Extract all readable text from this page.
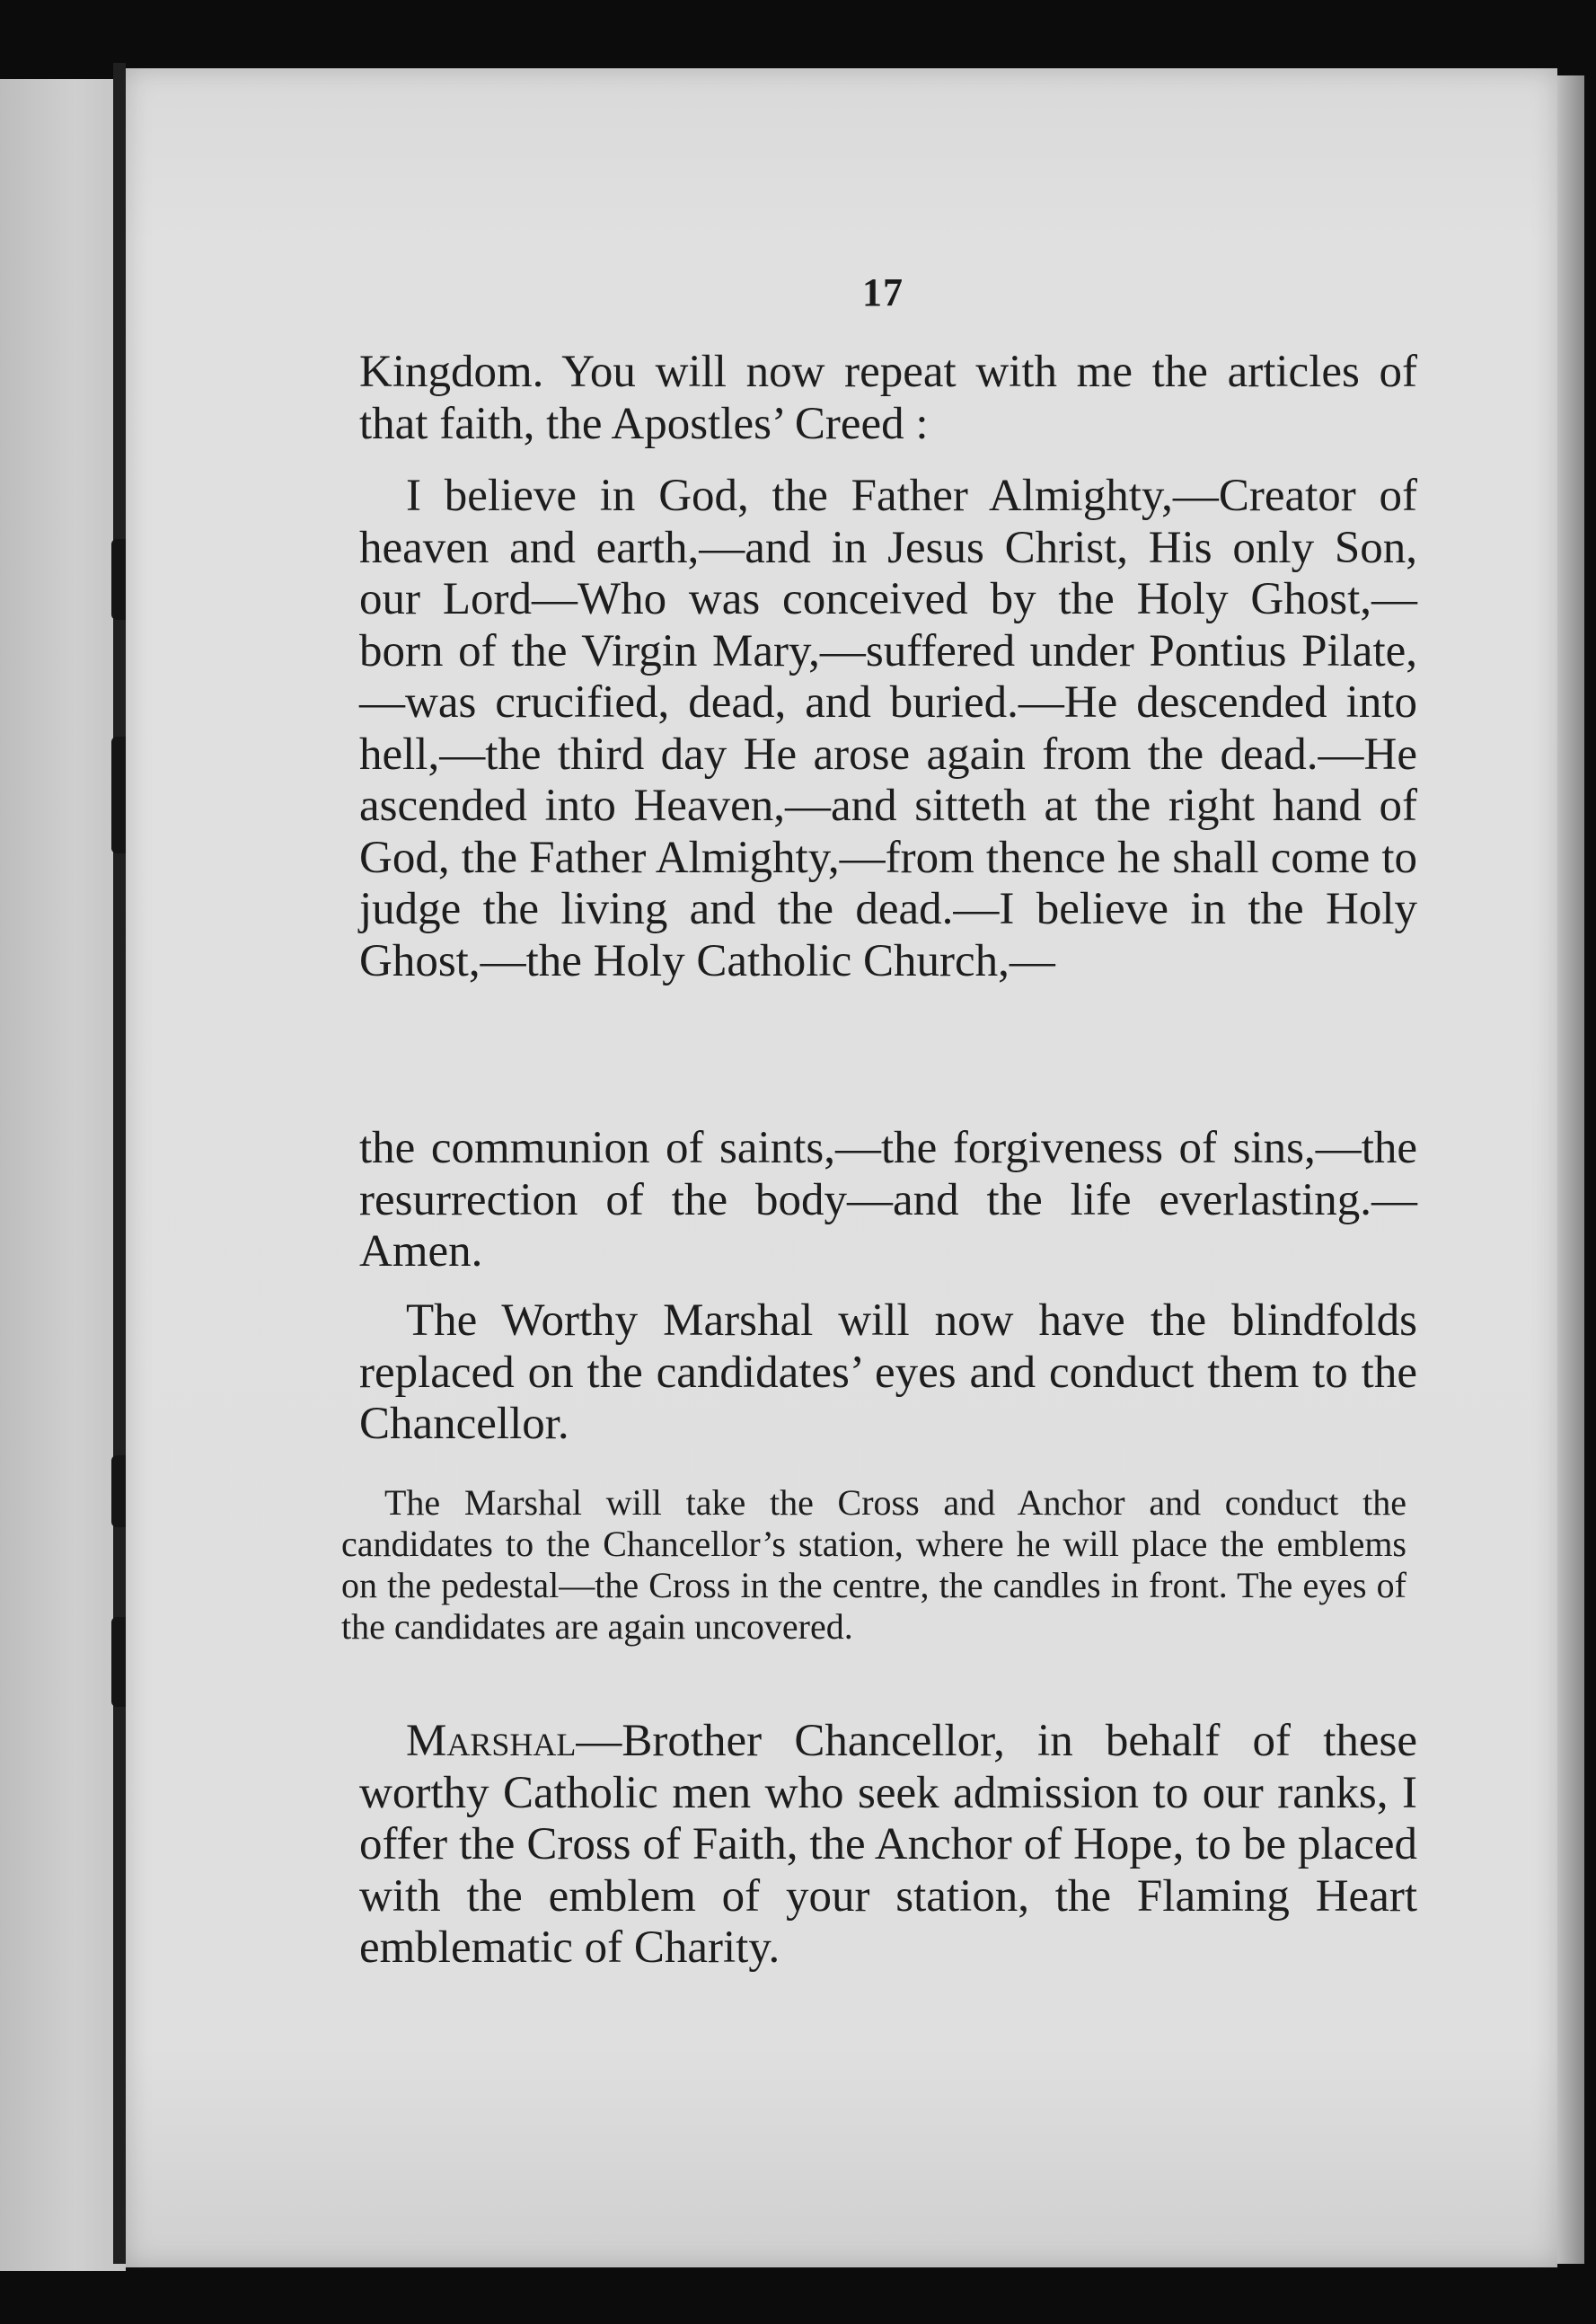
17

Kingdom. You will now repeat with me the articles of that faith, the Apostles’ Creed :

I believe in God, the Father Almighty,—Creator of heaven and earth,—and in Jesus Christ, His only Son, our Lord—Who was conceived by the Holy Ghost,—born of the Virgin Mary,—suffered under Pontius Pilate, —was crucified, dead, and buried.—He descended into hell,—the third day He arose again from the dead.—He ascended into Heaven,—and sitteth at the right hand of God, the Father Almighty,—from thence he shall come to judge the living and the dead.—I believe in the Holy Ghost,—the Holy Catholic Church,—

the communion of saints,—the forgiveness of sins,—the resurrection of the body—and the life everlasting.—Amen.

The Worthy Marshal will now have the blindfolds replaced on the candidates’ eyes and conduct them to the Chancellor.

The Marshal will take the Cross and Anchor and conduct the candidates to the Chancellor’s station, where he will place the emblems on the pedestal—the Cross in the centre, the candles in front. The eyes of the candidates are again uncovered.

Marshal—Brother Chancellor, in behalf of these worthy Catholic men who seek admission to our ranks, I offer the Cross of Faith, the Anchor of Hope, to be placed with the emblem of your station, the Flaming Heart emblematic of Charity.
